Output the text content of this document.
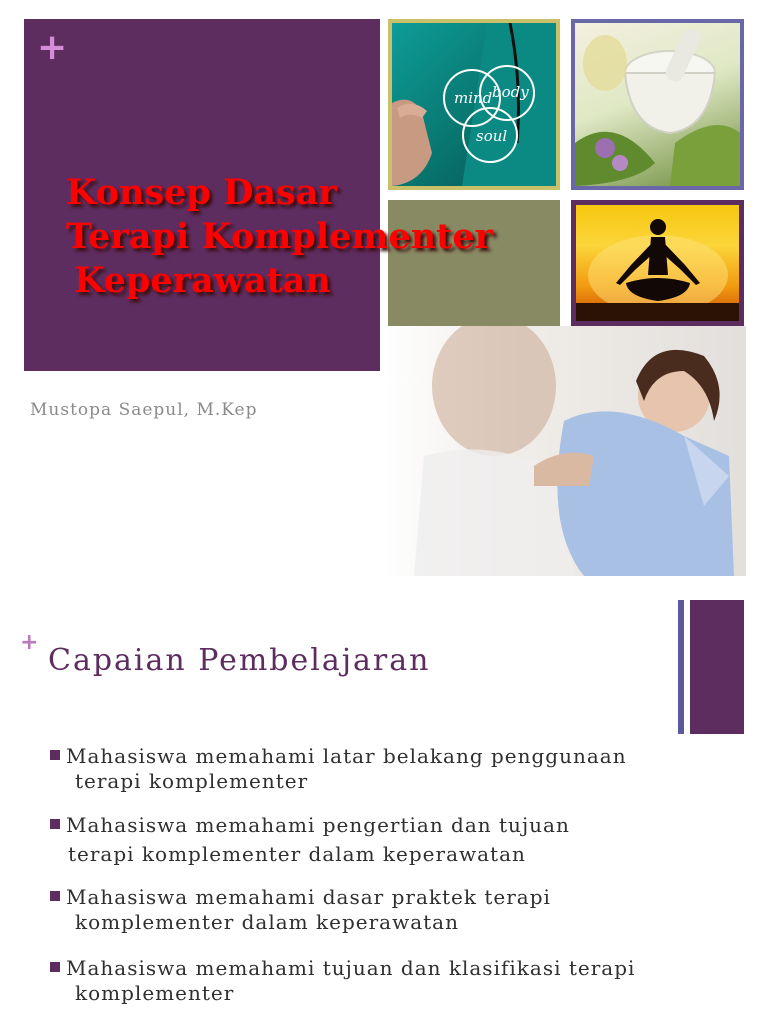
+
mind body
soul
Konsep Dasar
Terapi Komplementer
Keperawatan
Mustopa Saepul, M.Kep
+
Capaian Pembelajaran
Mahasiswa memahami latar belakang penggunaan
terapi komplementer
Mahasiswa memahami pengertian dan tujuan
terapi komplementer dalam keperawatan
Mahasiswa memahami dasar praktek terapi
komplementer dalam keperawatan
Mahasiswa memahami tujuan dan klasifikasi terapi
komplementer
